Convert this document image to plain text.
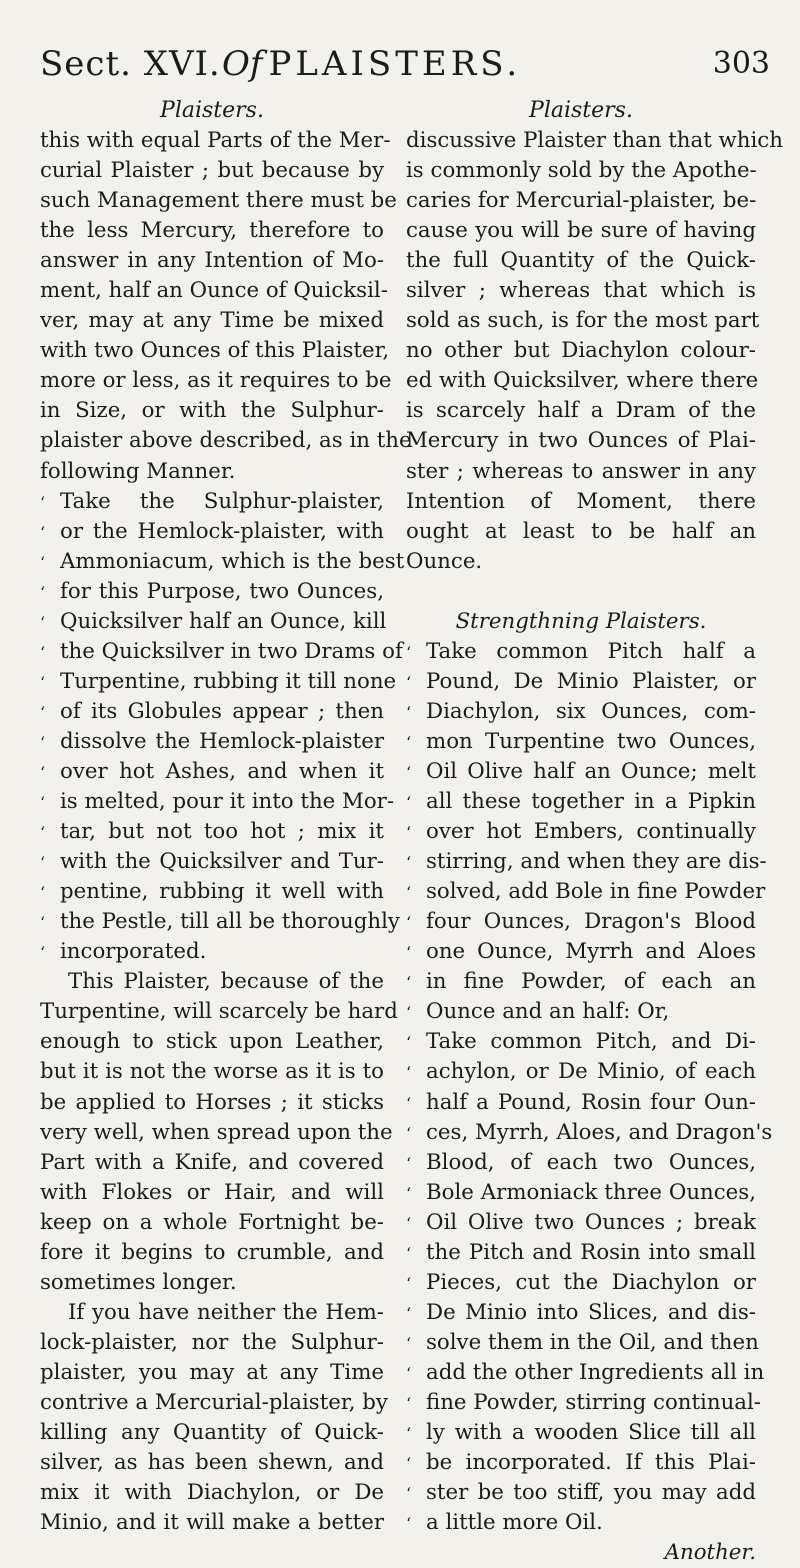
Sect. XVI. Of PLAISTERS.	303
Plaisters.
this with equal Parts of the Mer-
curial Plaister ; but because by
such Management there must be
the less Mercury, therefore to
answer in any Intention of Mo-
ment, half an Ounce of Quicksil-
ver, may at any Time be mixed
with two Ounces of this Plaister,
more or less, as it requires to be
in Size, or with the Sulphur-
plaister above described, as in the
following Manner.
‘ Take the Sulphur-plaister,
‘ or the Hemlock-plaister, with
‘ Ammoniacum, which is the best
‘ for this Purpose, two Ounces,
‘ Quicksilver half an Ounce, kill
‘ the Quicksilver in two Drams of
‘ Turpentine, rubbing it till none
‘ of its Globules appear ; then
‘ dissolve the Hemlock-plaister
‘ over hot Ashes, and when it
‘ is melted, pour it into the Mor-
‘ tar, but not too hot ; mix it
‘ with the Quicksilver and Tur-
‘ pentine, rubbing it well with
‘ the Pestle, till all be thoroughly
‘ incorporated.
This Plaister, because of the
Turpentine, will scarcely be hard
enough to stick upon Leather,
but it is not the worse as it is to
be applied to Horses ; it sticks
very well, when spread upon the
Part with a Knife, and covered
with Flokes or Hair, and will
keep on a whole Fortnight be-
fore it begins to crumble, and
sometimes longer.
If you have neither the Hem-
lock-plaister, nor the Sulphur-
plaister, you may at any Time
contrive a Mercurial-plaister, by
killing any Quantity of Quick-
silver, as has been shewn, and
mix it with Diachylon, or De
Minio, and it will make a better
Plaisters.
discussive Plaister than that which
is commonly sold by the Apothe-
caries for Mercurial-plaister, be-
cause you will be sure of having
the full Quantity of the Quick-
silver ; whereas that which is
sold as such, is for the most part
no other but Diachylon colour-
ed with Quicksilver, where there
is scarcely half a Dram of the
Mercury in two Ounces of Plai-
ster ; whereas to answer in any
Intention of Moment, there
ought at least to be half an
Ounce.
Strengthning Plaisters.
‘ Take common Pitch half a
‘ Pound, De Minio Plaister, or
‘ Diachylon, six Ounces, com-
‘ mon Turpentine two Ounces,
‘ Oil Olive half an Ounce; melt
‘ all these together in a Pipkin
‘ over hot Embers, continually
‘ stirring, and when they are dis-
‘ solved, add Bole in fine Powder
‘ four Ounces, Dragon's Blood
‘ one Ounce, Myrrh and Aloes
‘ in fine Powder, of each an
‘ Ounce and an half: Or,
‘ Take common Pitch, and Di-
‘ achylon, or De Minio, of each
‘ half a Pound, Rosin four Oun-
‘ ces, Myrrh, Aloes, and Dragon's
‘ Blood, of each two Ounces,
‘ Bole Armoniack three Ounces,
‘ Oil Olive two Ounces ; break
‘ the Pitch and Rosin into small
‘ Pieces, cut the Diachylon or
‘ De Minio into Slices, and dis-
‘ solve them in the Oil, and then
‘ add the other Ingredients all in
‘ fine Powder, stirring continual-
‘ ly with a wooden Slice till all
‘ be incorporated. If this Plai-
‘ ster be too stiff, you may add
‘ a little more Oil.
Another.
